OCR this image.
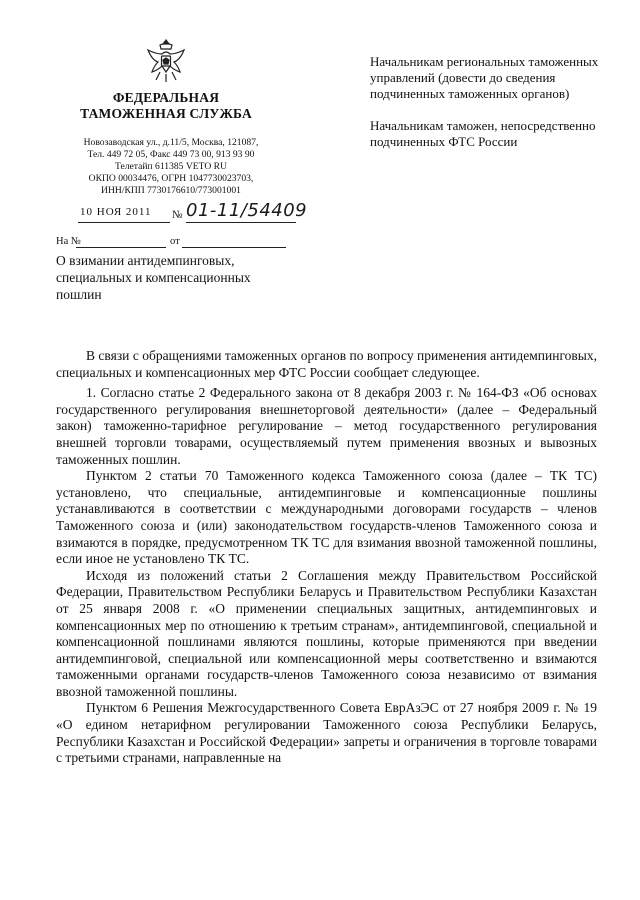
ФЕДЕРАЛЬНАЯ
ТАМОЖЕННАЯ СЛУЖБА
Новозаводская ул., д.11/5, Москва, 121087,
Тел. 449 72 05, Факс 449 73 00, 913 93 90
Телетайп 611385 VETO RU
ОКПО 00034476, ОГРН 1047730023703,
ИНН/КПП 7730176610/773001001
10 НОЯ 2011 № 01-11/54409
На №	от
О взимании антидемпинговых, специальных и компенсационных пошлин

Начальникам региональных таможенных управлений (довести до сведения подчиненных таможенных органов)

Начальникам таможен, непосредственно подчиненных ФТС России

В связи с обращениями таможенных органов по вопросу применения антидемпинговых, специальных и компенсационных мер ФТС России сообщает следующее.

1. Согласно статье 2 Федерального закона от 8 декабря 2003 г. № 164-ФЗ «Об основах государственного регулирования внешнеторговой деятельности» (далее – Федеральный закон) таможенно-тарифное регулирование – метод государственного регулирования внешней торговли товарами, осуществляемый путем применения ввозных и вывозных таможенных пошлин.

Пунктом 2 статьи 70 Таможенного кодекса Таможенного союза (далее – ТК ТС) установлено, что специальные, антидемпинговые и компенсационные пошлины устанавливаются в соответствии с международными договорами государств – членов Таможенного союза и (или) законодательством государств-членов Таможенного союза и взимаются в порядке, предусмотренном ТК ТС для взимания ввозной таможенной пошлины, если иное не установлено ТК ТС.

Исходя из положений статьи 2 Соглашения между Правительством Российской Федерации, Правительством Республики Беларусь и Правительством Республики Казахстан от 25 января 2008 г. «О применении специальных защитных, антидемпинговых и компенсационных мер по отношению к третьим странам», антидемпинговой, специальной и компенсационной пошлинами являются пошлины, которые применяются при введении антидемпинговой, специальной или компенсационной меры соответственно и взимаются таможенными органами государств-членов Таможенного союза независимо от взимания ввозной таможенной пошлины.

Пунктом 6 Решения Межгосударственного Совета ЕврАзЭС от 27 ноября 2009 г. № 19 «О едином нетарифном регулировании Таможенного союза Республики Беларусь, Республики Казахстан и Российской Федерации» запреты и ограничения в торговле товарами с третьими странами, направленные на
